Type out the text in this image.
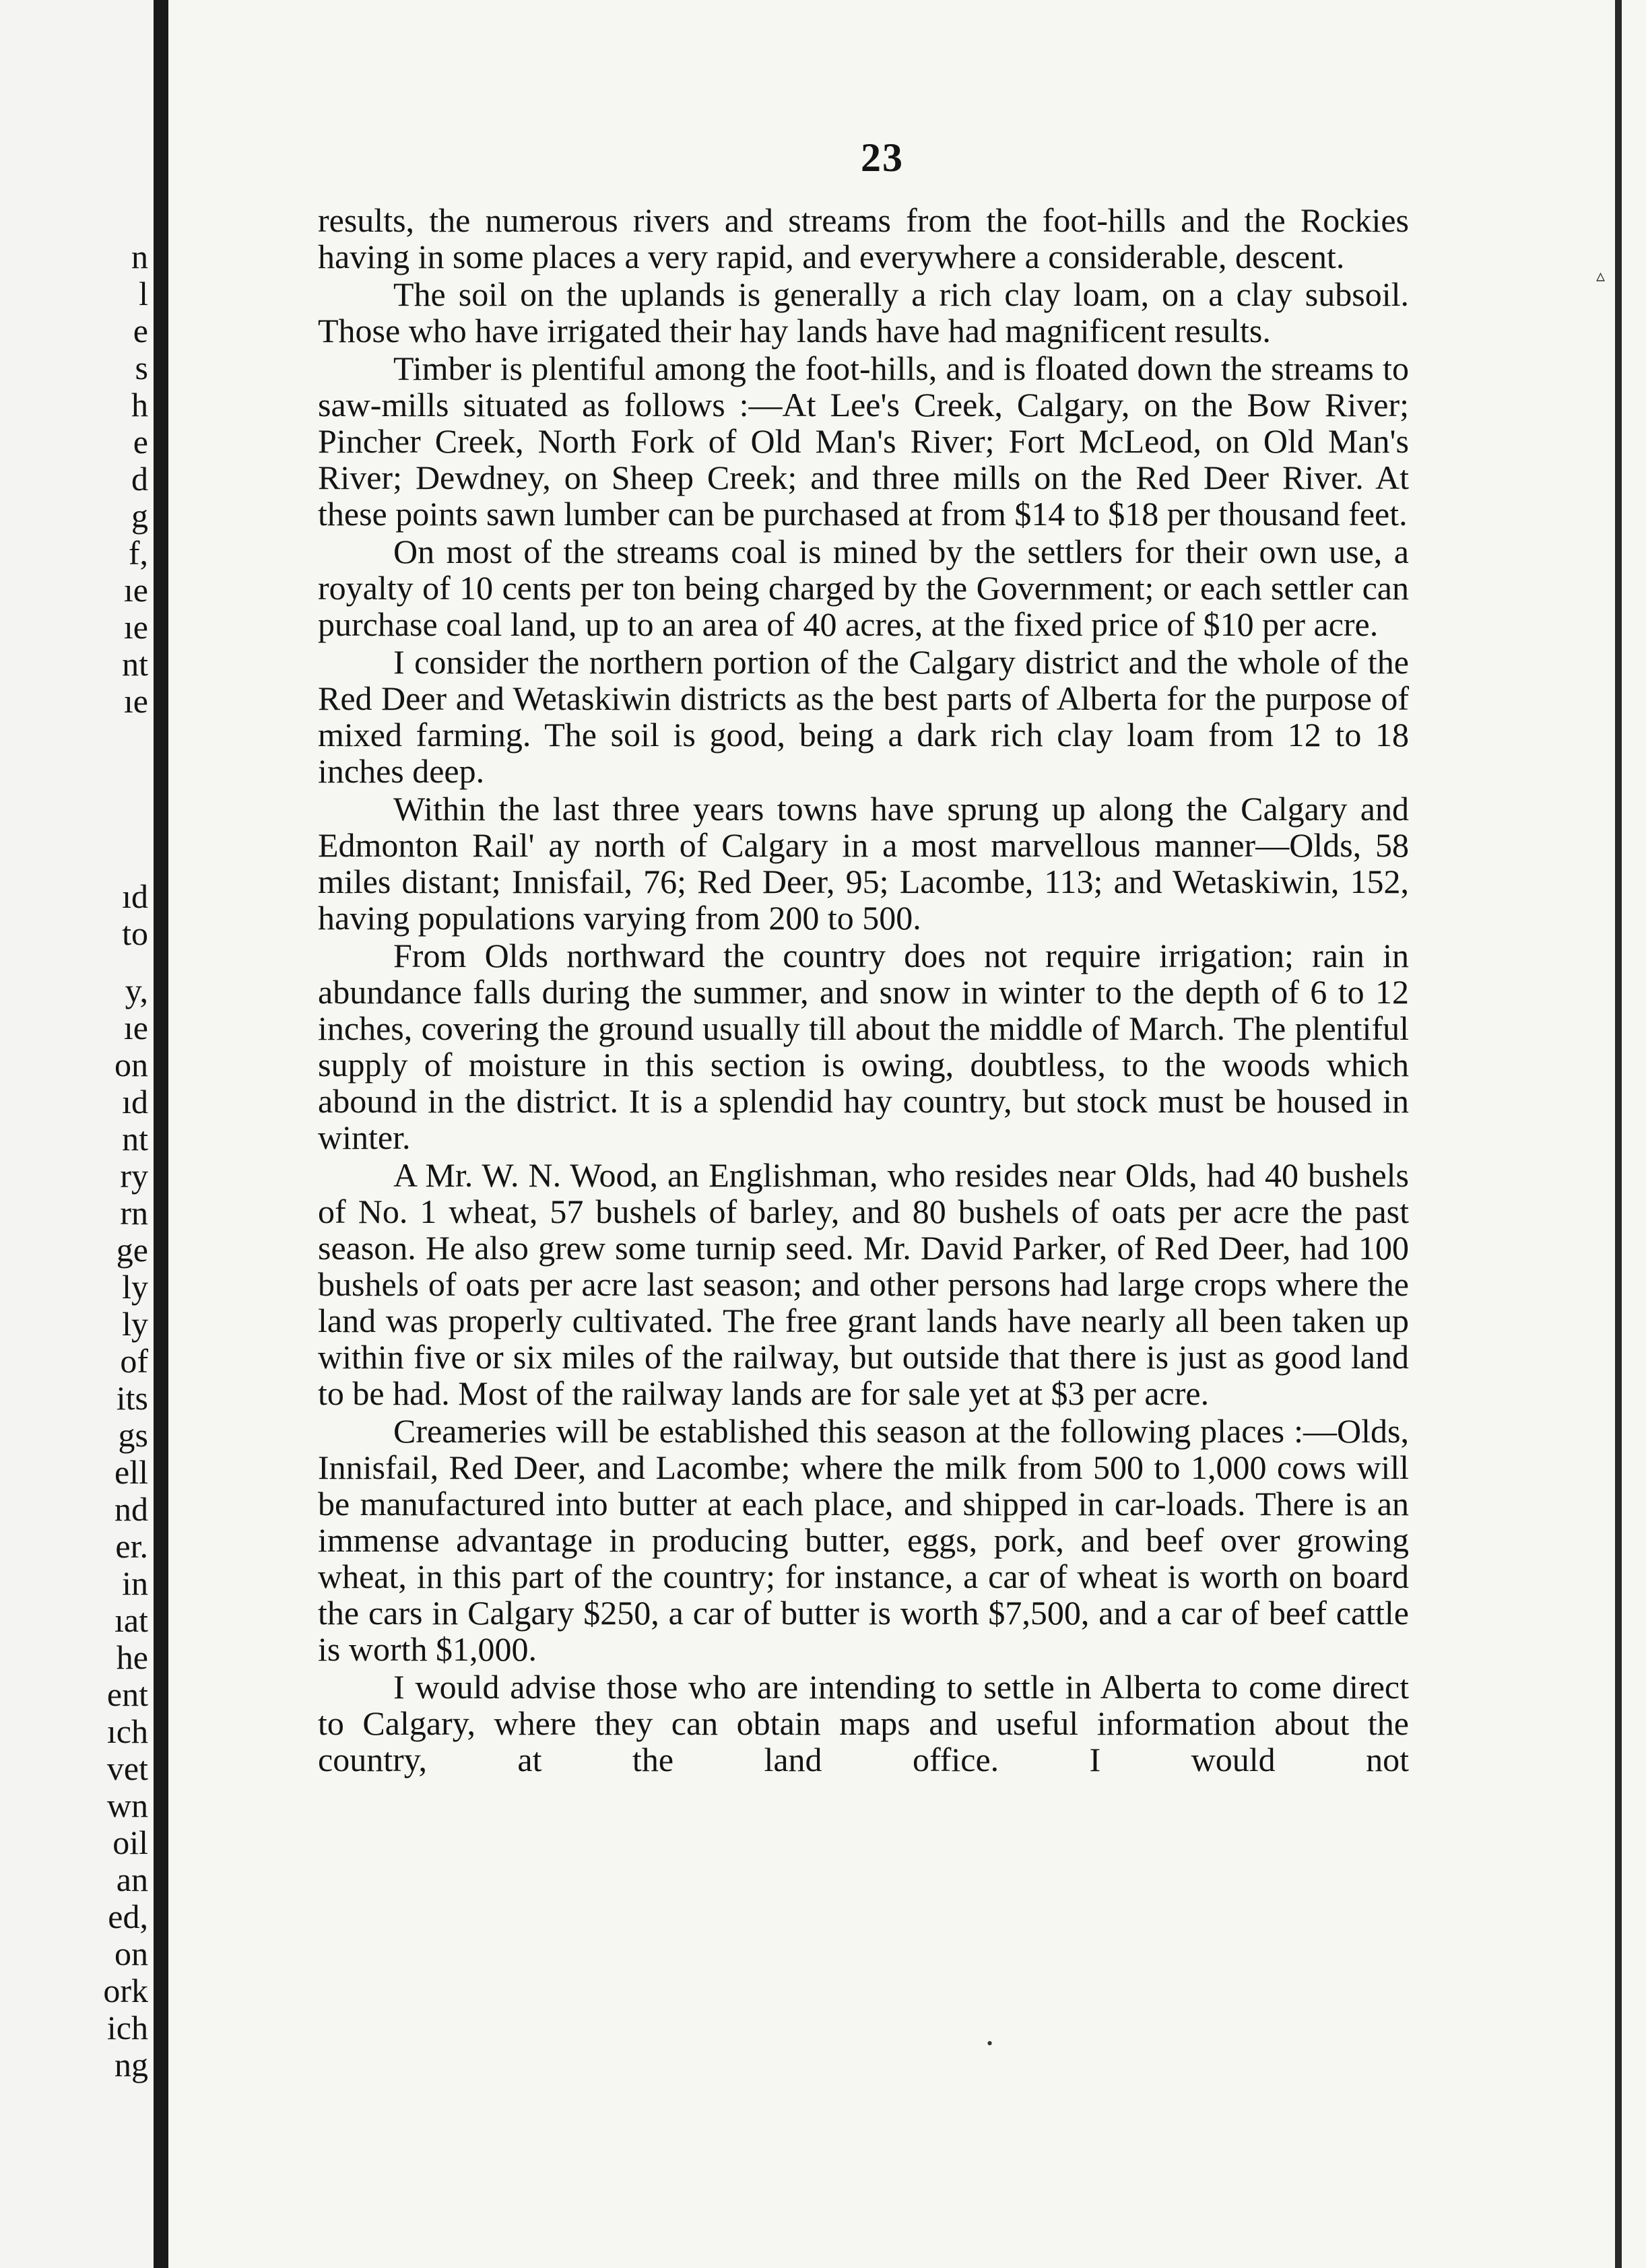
n
l
e
s
h
e
d
g
f,
ıe
ıe
nt
ıe
ıd
to
y,
ıe
on
ıd
nt
ry
rn
ge
ly
ly
of
its
gs
ell
nd
er.
in
ıat
he
ent
ıch
vet
wn
oil
an
ed,
on
ork
ich
ng
23

results, the numerous rivers and streams from the foot-hills and the Rockies having in some places a very rapid, and everywhere a considerable, descent.

The soil on the uplands is generally a rich clay loam, on a clay subsoil. Those who have irrigated their hay lands have had magnificent results.

Timber is plentiful among the foot-hills, and is floated down the streams to saw-mills situated as follows :—At Lee's Creek, Calgary, on the Bow River; Pincher Creek, North Fork of Old Man's River; Fort McLeod, on Old Man's River; Dewdney, on Sheep Creek; and three mills on the Red Deer River. At these points sawn lumber can be purchased at from $14 to $18 per thousand feet.

On most of the streams coal is mined by the settlers for their own use, a royalty of 10 cents per ton being charged by the Government; or each settler can purchase coal land, up to an area of 40 acres, at the fixed price of $10 per acre.

I consider the northern portion of the Calgary district and the whole of the Red Deer and Wetaskiwin districts as the best parts of Alberta for the purpose of mixed farming. The soil is good, being a dark rich clay loam from 12 to 18 inches deep.

Within the last three years towns have sprung up along the Calgary and Edmonton Rail' ay north of Calgary in a most marvellous manner—Olds, 58 miles distant; Innisfail, 76; Red Deer, 95; Lacombe, 113; and Wetaskiwin, 152, having populations varying from 200 to 500.

From Olds northward the country does not require irrigation; rain in abundance falls during the summer, and snow in winter to the depth of 6 to 12 inches, covering the ground usually till about the middle of March. The plentiful supply of moisture in this section is owing, doubtless, to the woods which abound in the district. It is a splendid hay country, but stock must be housed in winter.

A Mr. W. N. Wood, an Englishman, who resides near Olds, had 40 bushels of No. 1 wheat, 57 bushels of barley, and 80 bushels of oats per acre the past season. He also grew some turnip seed. Mr. David Parker, of Red Deer, had 100 bushels of oats per acre last season; and other persons had large crops where the land was properly cultivated. The free grant lands have nearly all been taken up within five or six miles of the railway, but outside that there is just as good land to be had. Most of the railway lands are for sale yet at $3 per acre.

Creameries will be established this season at the following places :—Olds, Innisfail, Red Deer, and Lacombe; where the milk from 500 to 1,000 cows will be manufactured into butter at each place, and shipped in car-loads. There is an immense advantage in producing butter, eggs, pork, and beef over growing wheat, in this part of the country; for instance, a car of wheat is worth on board the cars in Calgary $250, a car of butter is worth $7,500, and a car of beef cattle is worth $1,000.

I would advise those who are intending to settle in Alberta to come direct to Calgary, where they can obtain maps and useful information about the country, at the land office. I would not

▵
•
